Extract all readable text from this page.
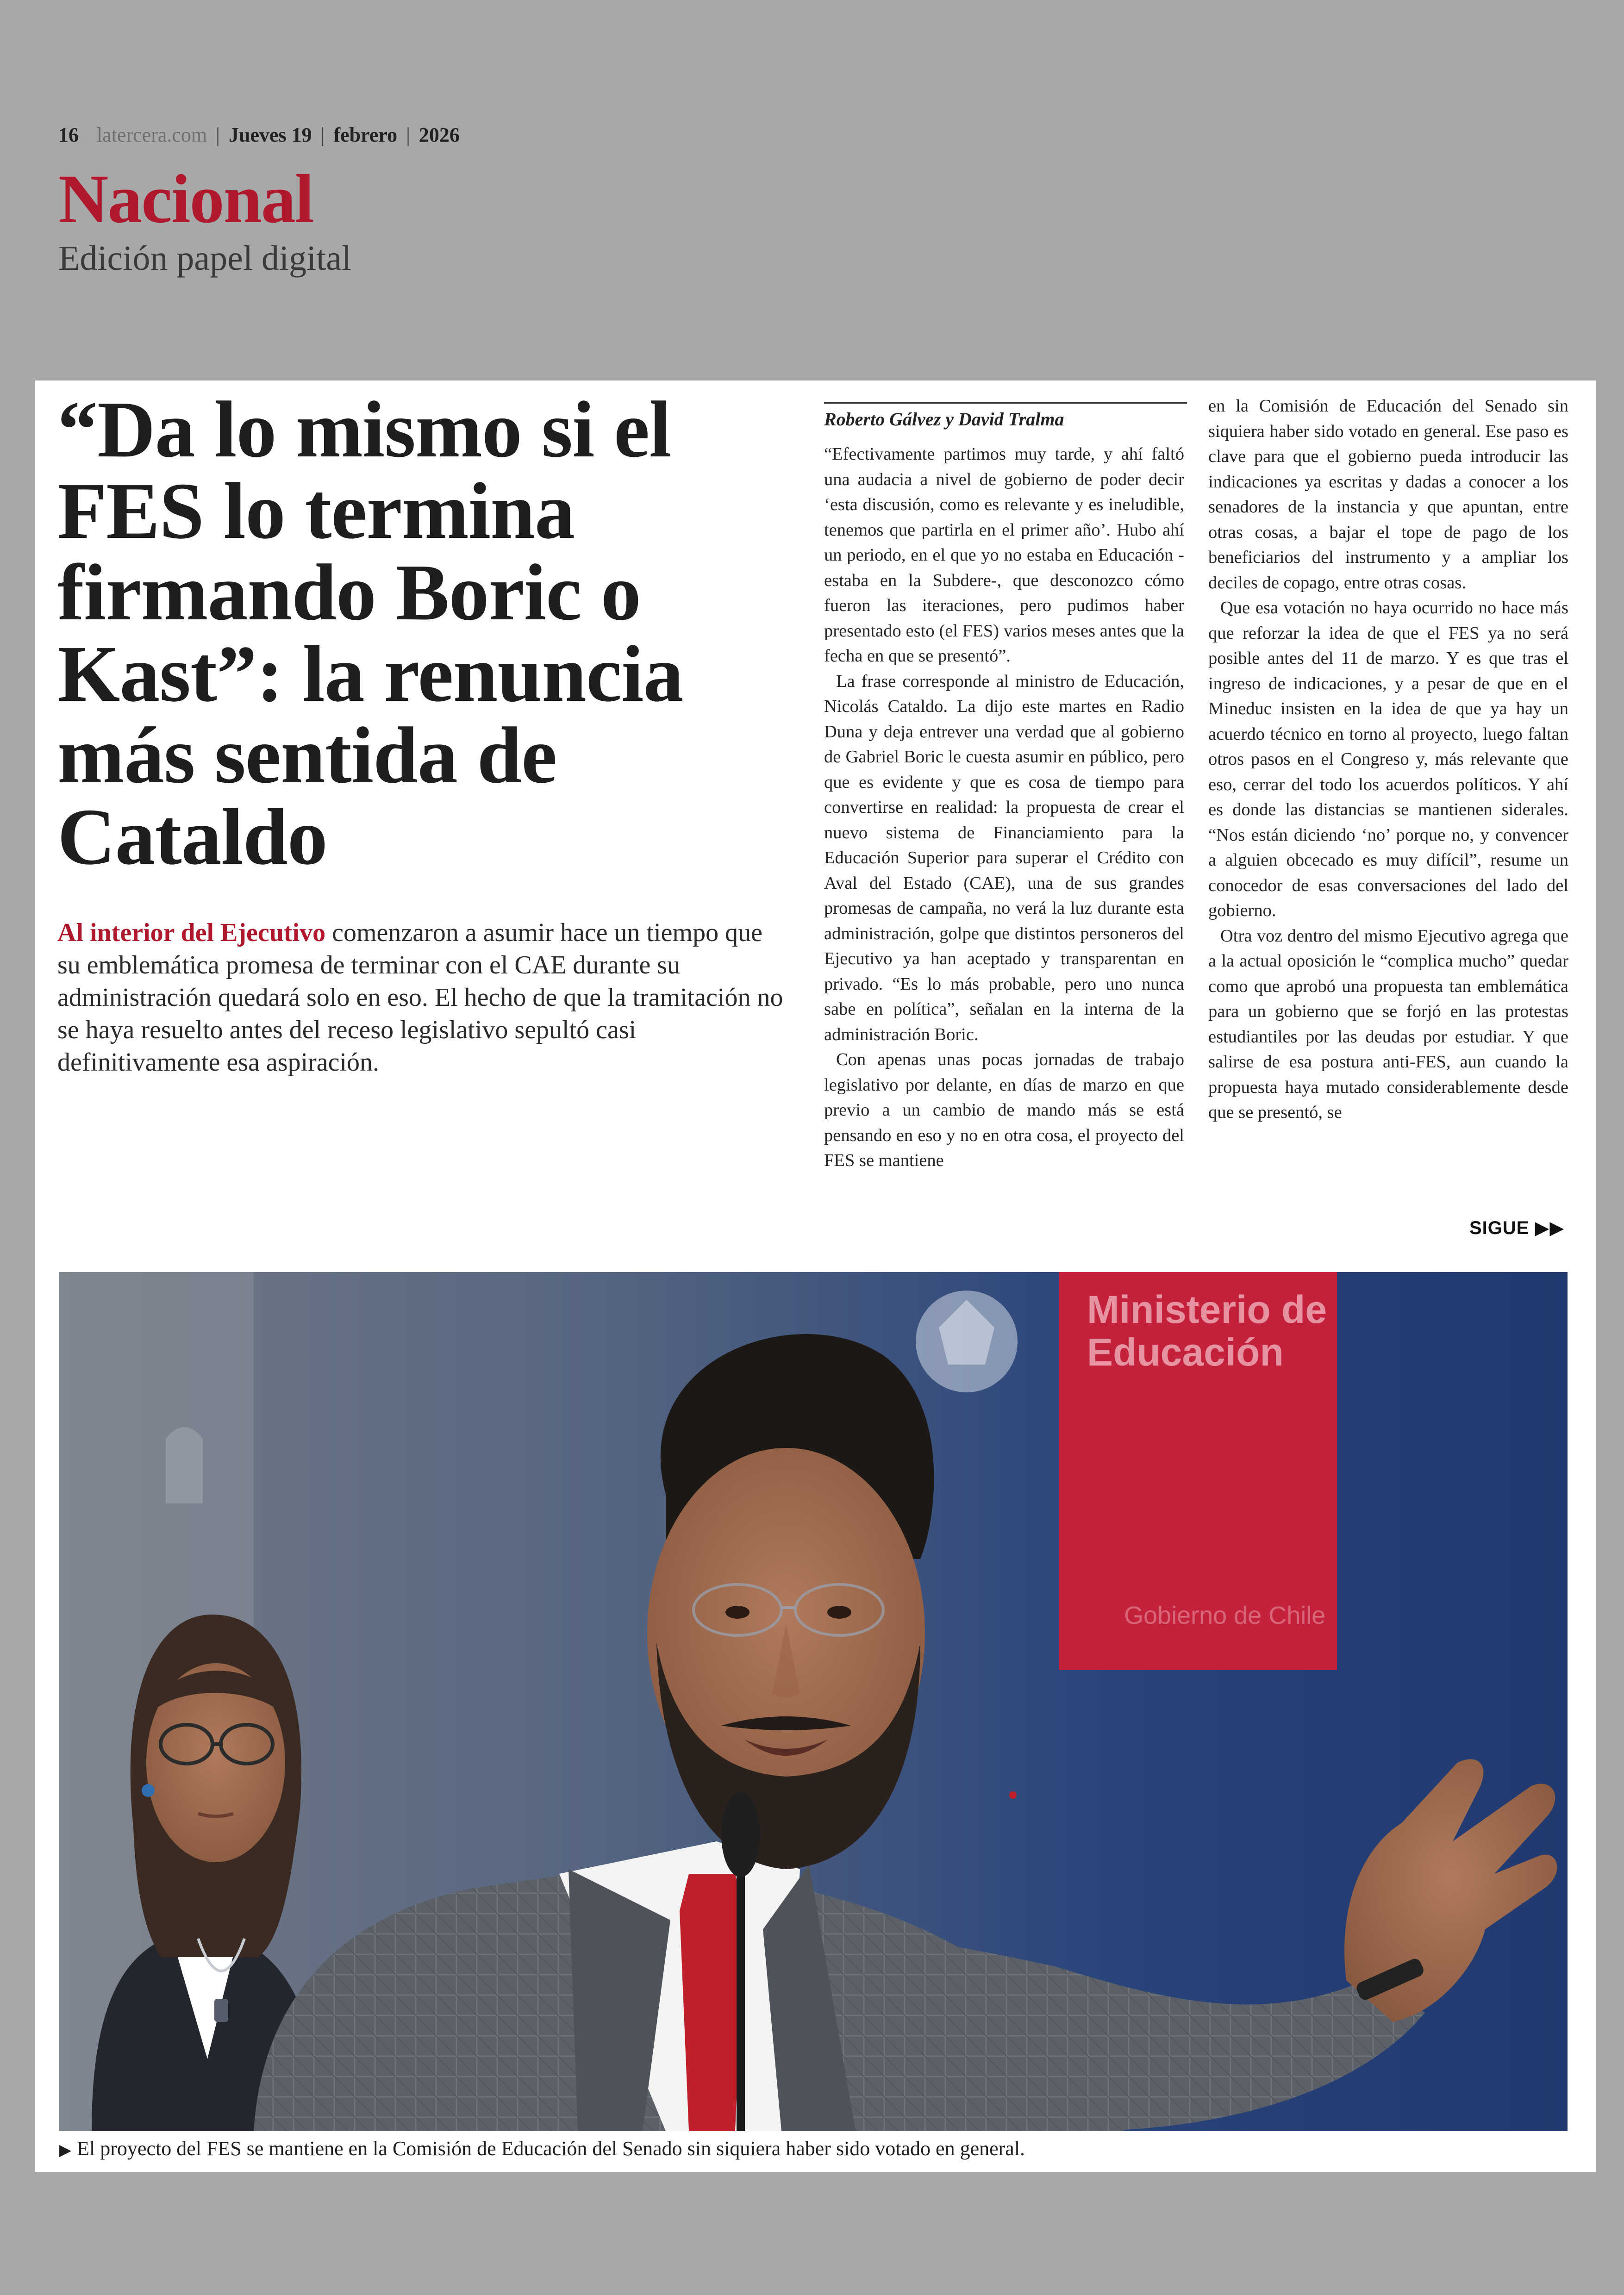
16 latercera.com | Jueves 19 | febrero | 2026
Nacional
Edición papel digital
“Da lo mismo si el FES lo termina firmando Boric o Kast”: la renuncia más sentida de Cataldo

Al interior del Ejecutivo comenzaron a asumir hace un tiempo que su emblemática promesa de terminar con el CAE durante su administración quedará solo en eso. El hecho de que la tramitación no se haya resuelto antes del receso legislativo sepultó casi definitivamente esa aspiración.

Roberto Gálvez y David Tralma

“Efectivamente partimos muy tarde, y ahí faltó una audacia a nivel de gobierno de poder decir ‘esta discusión, como es relevante y es ineludible, tenemos que partirla en el primer año’. Hubo ahí un periodo, en el que yo no estaba en Educación -estaba en la Subdere-, que desconozco cómo fueron las iteraciones, pero pudimos haber presentado esto (el FES) varios meses antes que la fecha en que se presentó”.

La frase corresponde al ministro de Educación, Nicolás Cataldo. La dijo este martes en Radio Duna y deja entrever una verdad que al gobierno de Gabriel Boric le cuesta asumir en público, pero que es evidente y que es cosa de tiempo para convertirse en realidad: la propuesta de crear el nuevo sistema de Financiamiento para la Educación Superior para superar el Crédito con Aval del Estado (CAE), una de sus grandes promesas de campaña, no verá la luz durante esta administración, golpe que distintos personeros del Ejecutivo ya han aceptado y transparentan en privado. “Es lo más probable, pero uno nunca sabe en política”, señalan en la interna de la administración Boric.

Con apenas unas pocas jornadas de trabajo legislativo por delante, en días de marzo en que previo a un cambio de mando más se está pensando en eso y no en otra cosa, el proyecto del FES se mantiene

en la Comisión de Educación del Senado sin siquiera haber sido votado en general. Ese paso es clave para que el gobierno pueda introducir las indicaciones ya escritas y dadas a conocer a los senadores de la instancia y que apuntan, entre otras cosas, a bajar el tope de pago de los beneficiarios del instrumento y a ampliar los deciles de copago, entre otras cosas.

Que esa votación no haya ocurrido no hace más que reforzar la idea de que el FES ya no será posible antes del 11 de marzo. Y es que tras el ingreso de indicaciones, y a pesar de que en el Mineduc insisten en la idea de que ya hay un acuerdo técnico en torno al proyecto, luego faltan otros pasos en el Congreso y, más relevante que eso, cerrar del todo los acuerdos políticos. Y ahí es donde las distancias se mantienen siderales. “Nos están diciendo ‘no’ porque no, y convencer a alguien obcecado es muy difícil”, resume un conocedor de esas conversaciones del lado del gobierno.

Otra voz dentro del mismo Ejecutivo agrega que a la actual oposición le “complica mucho” quedar como que aprobó una propuesta tan emblemática para un gobierno que se forjó en las protestas estudiantiles por las deudas por estudiar. Y que salirse de esa postura anti-FES, aun cuando la propuesta haya mutado considerablemente desde que se presentó, se

SIGUE ▶▶
Ministerio de Educación
Gobierno de Chile
▶ El proyecto del FES se mantiene en la Comisión de Educación del Senado sin siquiera haber sido votado en general.
